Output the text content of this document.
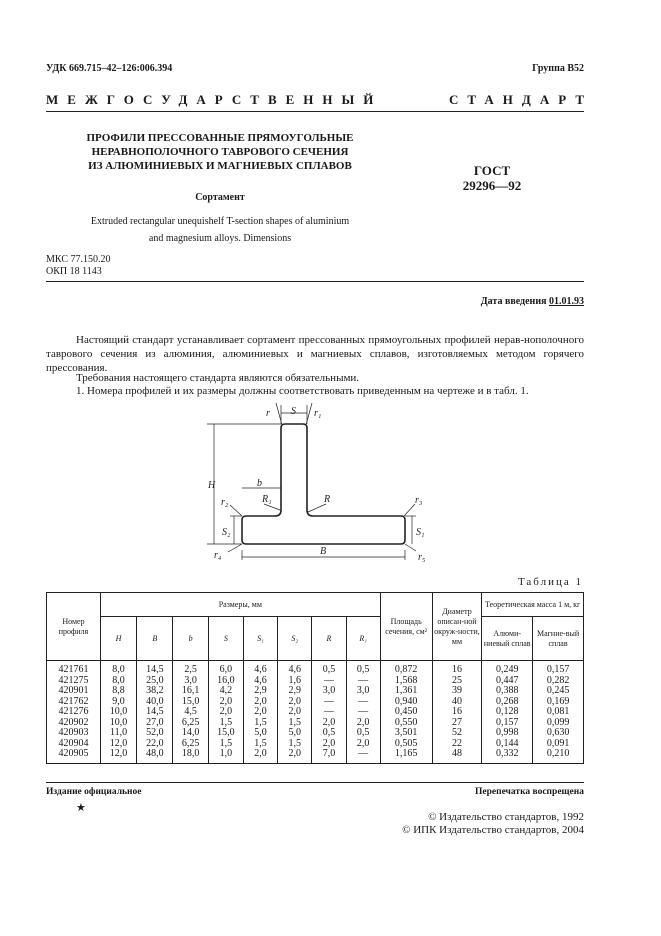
УДК 669.715–42–126:006.394	Группа В52
МЕЖГОСУДАРСТВЕННЫЙ	СТАНДАРТ
ПРОФИЛИ ПРЕССОВАННЫЕ ПРЯМОУГОЛЬНЫЕ
НЕРАВНОПОЛОЧНОГО ТАВРОВОГО СЕЧЕНИЯ
ИЗ АЛЮМИНИЕВЫХ И МАГНИЕВЫХ СПЛАВОВ	ГОСТ
29296—92
Сортамент
Extruded rectangular unequishelf T-section shapes of aluminium
and magnesium alloys. Dimensions
МКС 77.150.20
ОКП 18 1143
Дата введения 01.01.93
Настоящий стандарт устанавливает сортамент прессованных прямоугольных профилей нерав-нополочного таврового сечения из алюминия, алюминиевых и магниевых сплавов, изготовляемых методом горячего прессования.
Требования настоящего стандарта являются обязательными.
1. Номера профилей и их размеры должны соответствовать приведенным на чертеже и в табл. 1.
r S r₁
H	b
R₁	R
r₂	r₃
S₂	S₁
B
r₄	r₅
Таблица 1
Номер профиля	Размеры, мм								Площадь сечения, см²	Диаметр описан-ной окруж-ности, мм	Теоретическая масса 1 м, кг	
	H	B	b	S	S₁	S₂	R	R₁			Алюми-ниевый сплав	Магние-вый сплав
421761	8,0	14,5	2,5	6,0	4,6	4,6	0,5	0,5	0,872	16	0,249	0,157
421275	8,0	25,0	3,0	16,0	4,6	1,6	—	—	1,568	25	0,447	0,282
420901	8,8	38,2	16,1	4,2	2,9	2,9	3,0	3,0	1,361	39	0,388	0,245
421762	9,0	40,0	15,0	2,0	2,0	2,0	—	—	0,940	40	0,268	0,169
421276	10,0	14,5	4,5	2,0	2,0	2,0	—	—	0,450	16	0,128	0,081
420902	10,0	27,0	6,25	1,5	1,5	1,5	2,0	2,0	0,550	27	0,157	0,099
420903	11,0	52,0	14,0	15,0	5,0	5,0	0,5	0,5	3,501	52	0,998	0,630
420904	12,0	22,0	6,25	1,5	1,5	1,5	2,0	2,0	0,505	22	0,144	0,091
420905	12,0	48,0	18,0	1,0	2,0	2,0	7,0	—	1,165	48	0,332	0,210
Издание официальное	Перепечатка воспрещена
★
© Издательство стандартов, 1992
© ИПК Издательство стандартов, 2004
